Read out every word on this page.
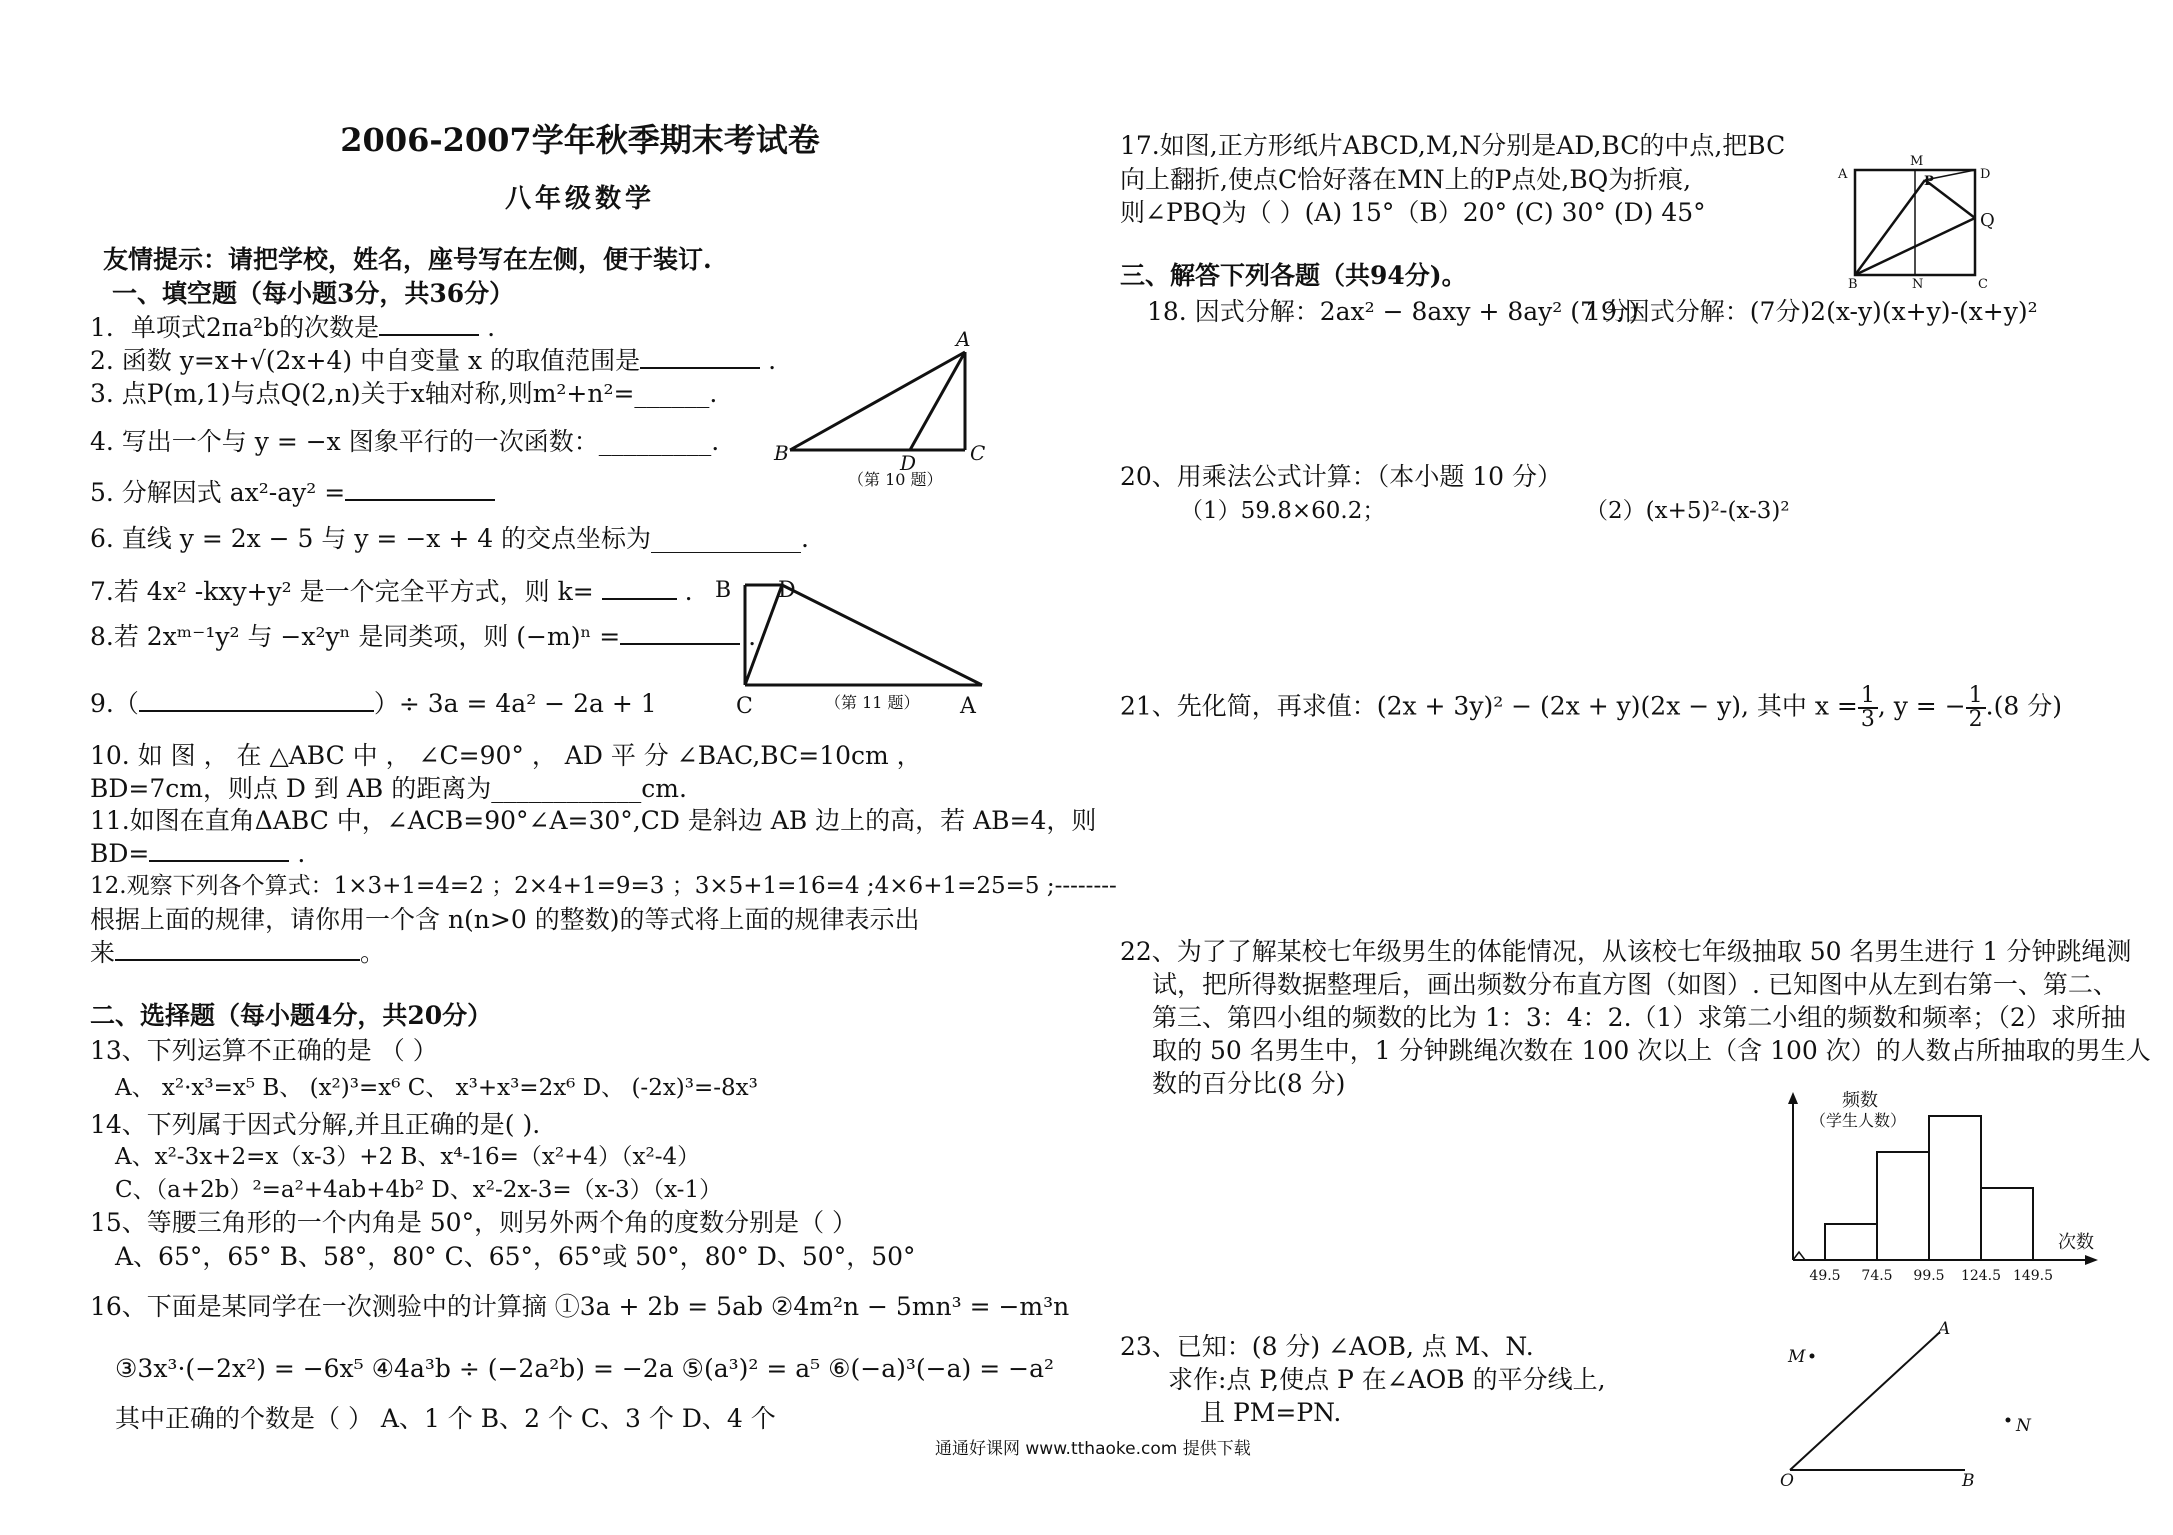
2006-2007学年秋季期末考试卷
八年级数学
友情提示：请把学校，姓名，座号写在左侧，便于装订.
一、填空题（每小题3分，共36分）
1．单项式2πa²b的次数是	.
2. 函数 y=x+√(2x+4) 中自变量 x 的取值范围是	.
3. 点P(m,1)与点Q(2,n)关于x轴对称,则m²+n²=______.
4. 写出一个与 y = −x 图象平行的一次函数：_________.
5. 分解因式 ax²-ay² =
6. 直线 y = 2x − 5 与 y = −x + 4 的交点坐标为____________.
7.若 4x² -kxy+y² 是一个完全平方式，则 k=	.
8.若 2xᵐ⁻¹y² 与 −x²yⁿ 是同类项，则 (−m)ⁿ =	.
9.（	）÷ 3a = 4a² − 2a + 1
10. 如 图 ， 在 △ABC 中 ， ∠C=90° ， AD 平 分 ∠BAC,BC=10cm ，
BD=7cm，则点 D 到 AB 的距离为____________cm.
11.如图在直角ΔABC 中，∠ACB=90°∠A=30°,CD 是斜边 AB 边上的高，若 AB=4，则
BD=	.
12.观察下列各个算式：1×3+1=4=2 ；2×4+1=9=3 ；3×5+1=16=4 ;4×6+1=25=5 ;--------
根据上面的规律，请你用一个含 n(n>0 的整数)的等式将上面的规律表示出
来	。
A
B	C
D
（第 10 题）
B D
C	A
（第 11 题）
二、选择题（每小题4分，共20分）
13、下列运算不正确的是 （ ）
A、 x²·x³=x⁵ B、 (x²)³=x⁶ C、 x³+x³=2x⁶ D、 (-2x)³=-8x³
14、下列属于因式分解,并且正确的是( ).
A、x²-3x+2=x（x-3）+2 B、x⁴-16=（x²+4）（x²-4）
C、（a+2b）²=a²+4ab+4b² D、x²-2x-3=（x-3）（x-1）
15、等腰三角形的一个内角是 50°，则另外两个角的度数分别是（ ）
A、65°，65° B、58°，80° C、65°，65°或 50°，80° D、50°，50°
16、下面是某同学在一次测验中的计算摘 ①3a + 2b = 5ab ②4m²n − 5mn³ = −m³n
③3x³·(−2x²) = −6x⁵ ④4a³b ÷ (−2a²b) = −2a ⑤(a³)² = a⁵ ⑥(−a)³(−a) = −a²
其中正确的个数是（ ） A、1 个 B、2 个 C、3 个 D、4 个
通通好课网 www.tthaoke.com 提供下载
17.如图,正方形纸片ABCD,M,N分别是AD,BC的中点,把BC
向上翻折,使点C恰好落在MN上的P点处,BQ为折痕,
则∠PBQ为（ ）(A) 15°（B）20° (C) 30° (D) 45°
A
M
P	D
Q
B	N	C
三、解答下列各题（共94分)。
18. 因式分解：2ax² − 8axy + 8ay² (7 分)
19.因式分解：(7分)2(x-y)(x+y)-(x+y)²
20、用乘法公式计算：（本小题 10 分）
（1）59.8×60.2；	（2）(x+5)²-(x-3)²
21、先化简，再求值：(2x + 3y)² − (2x + y)(2x − y), 其中 $x = \frac{1}{3}$ , y = − $\frac{1}{2} .(8$ 分)
22、为了了解某校七年级男生的体能情况，从该校七年级抽取 50 名男生进行 1 分钟跳绳测
试，把所得数据整理后，画出频数分布直方图（如图）. 已知图中从左到右第一、第二、
第三、第四小组的频数的比为 1：3：4：2.（1）求第二小组的频数和频率；（2）求所抽
取的 50 名男生中，1 分钟跳绳次数在 100 次以上（含 100 次）的人数占所抽取的男生人
数的百分比(8 分)
49.5 74.5 99.5 124.5 149.5
频数
（学生人数）
次数
23、已知：(8 分) ∠AOB, 点 M、N.
求作:点 P,使点 P 在∠AOB 的平分线上,
且 PM=PN.
M
N
A
O	B
